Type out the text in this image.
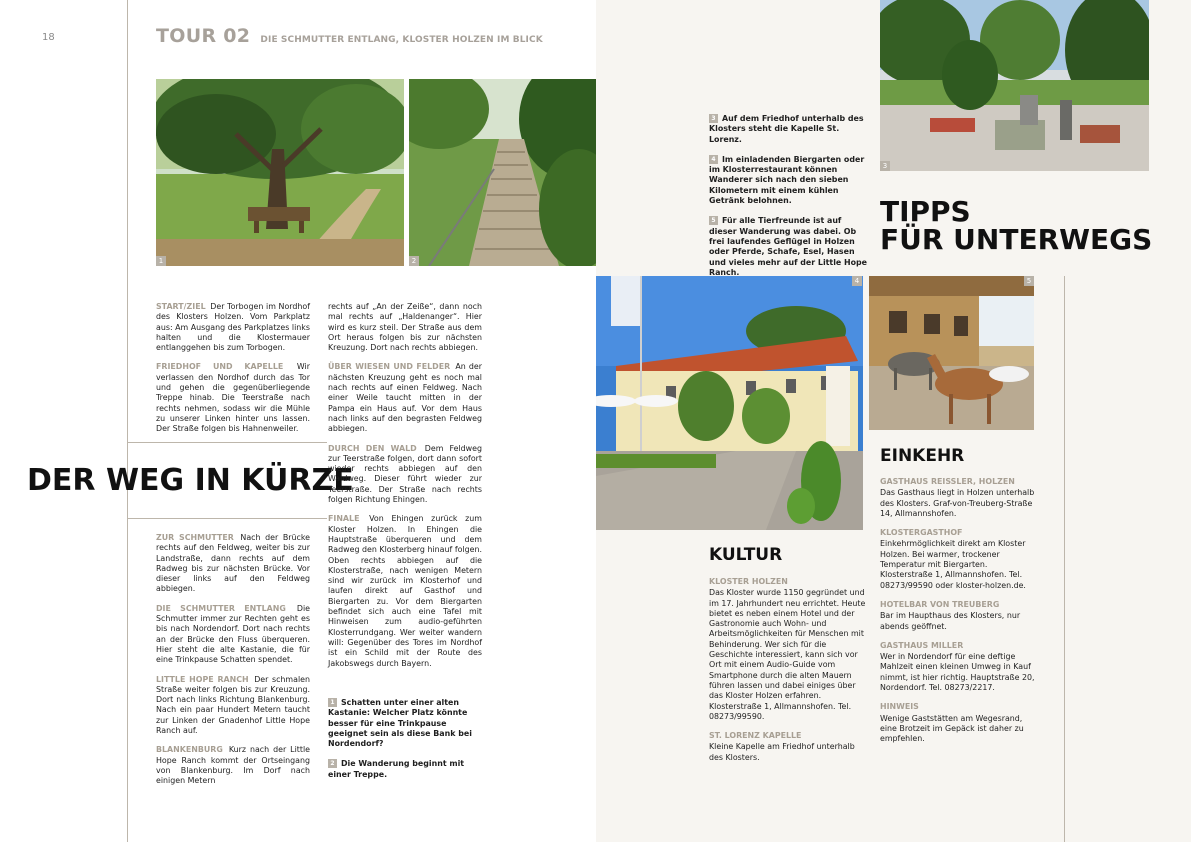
18	TOUR 02 DIE SCHMUTTER ENTLANG, KLOSTER HOLZEN IM BLICK
1	2
3
4	5

START/ZIEL Der Torbogen im Nordhof des Klosters Holzen. Vom Parkplatz aus: Am Ausgang des Parkplatzes links halten und die Klostermauer entlanggehen bis zum Torbogen.

FRIEDHOF UND KAPELLE Wir verlassen den Nordhof durch das Tor und gehen die gegenüberliegende Treppe hinab. Die Teerstraße nach rechts nehmen, sodass wir die Mühle zu unserer Linken hinter uns lassen. Der Straße folgen bis Hahnenweiler.

DER WEG IN KÜRZE

ZUR SCHMUTTER Nach der Brücke rechts auf den Feldweg, weiter bis zur Landstraße, dann rechts auf dem Radweg bis zur nächsten Brücke. Vor dieser links auf den Feldweg abbiegen.

DIE SCHMUTTER ENTLANG Die Schmutter immer zur Rechten geht es bis nach Nordendorf. Dort nach rechts an der Brücke den Fluss überqueren. Hier steht die alte Kastanie, die für eine Trinkpause Schatten spendet.

LITTLE HOPE RANCH Der schmalen Straße weiter folgen bis zur Kreuzung. Dort nach links Richtung Blankenburg. Nach ein paar Hundert Metern taucht zur Linken der Gnadenhof Little Hope Ranch auf.

BLANKENBURG Kurz nach der Little Hope Ranch kommt der Ortseingang von Blankenburg. Im Dorf nach einigen Metern

rechts auf „An der Zeiße“, dann noch mal rechts auf „Haldenanger“. Hier wird es kurz steil. Der Straße aus dem Ort heraus folgen bis zur nächsten Kreuzung. Dort nach rechts abbiegen.

ÜBER WIESEN UND FELDER An der nächsten Kreuzung geht es noch mal nach rechts auf einen Feldweg. Nach einer Weile taucht mitten in der Pampa ein Haus auf. Vor dem Haus nach links auf den begrasten Feldweg abbiegen.

DURCH DEN WALD Dem Feldweg zur Teerstraße folgen, dort dann sofort wieder rechts abbiegen auf den Waldweg. Dieser führt wieder zur Teerstraße. Der Straße nach rechts folgen Richtung Ehingen.

FINALE Von Ehingen zurück zum Kloster Holzen. In Ehingen die Hauptstraße überqueren und dem Radweg den Klosterberg hinauf folgen. Oben rechts abbiegen auf die Klosterstraße, nach wenigen Metern sind wir zurück im Klosterhof und laufen direkt auf Gasthof und Biergarten zu. Vor dem Biergarten befindet sich auch eine Tafel mit Hinweisen zum audio-geführten Klosterrundgang. Wer weiter wandern will: Gegenüber des Tores im Nordhof ist ein Schild mit der Route des Jakobswegs durch Bayern.

1 Schatten unter einer alten Kastanie: Welcher Platz könnte besser für eine Trinkpause geeignet sein als diese Bank bei Nordendorf?

2 Die Wanderung beginnt mit einer Treppe.

3 Auf dem Friedhof unterhalb des Klosters steht die Kapelle St. Lorenz.

4 Im einladenden Biergarten oder im Klosterrestaurant können Wanderer sich nach den sieben Kilometern mit einem kühlen Getränk belohnen.

5 Für alle Tierfreunde ist auf dieser Wanderung was dabei. Ob frei laufendes Geflügel in Holzen oder Pferde, Schafe, Esel, Hasen und vieles mehr auf der Little Hope Ranch.

TIPPS
FÜR UNTERWEGS
KULTUR
KLOSTER HOLZEN
Das Kloster wurde 1150 gegründet und im 17. Jahrhundert neu errichtet. Heute bietet es neben einem Hotel und der Gastronomie auch Wohn- und Arbeitsmöglichkeiten für Menschen mit Behinderung. Wer sich für die Geschichte interessiert, kann sich vor Ort mit einem Audio-Guide vom Smartphone durch die alten Mauern führen lassen und dabei einiges über das Kloster Holzen erfahren. Klosterstraße 1, Allmannshofen. Tel. 08273/99590.
ST. LORENZ KAPELLE
Kleine Kapelle am Friedhof unterhalb des Klosters.
EINKEHR
GASTHAUS REISSLER, HOLZEN
Das Gasthaus liegt in Holzen unterhalb des Klosters. Graf-von-Treuberg-Straße 14, Allmannshofen.
KLOSTERGASTHOF
Einkehrmöglichkeit direkt am Kloster Holzen. Bei warmer, trockener Temperatur mit Biergarten. Klosterstraße 1, Allmannshofen. Tel. 08273/99590 oder kloster-holzen.de.
HOTELBAR VON TREUBERG
Bar im Haupthaus des Klosters, nur abends geöffnet.
GASTHAUS MILLER
Wer in Nordendorf für eine deftige Mahlzeit einen kleinen Umweg in Kauf nimmt, ist hier richtig. Hauptstraße 20, Nordendorf. Tel. 08273/2217.
HINWEIS
Wenige Gaststätten am Wegesrand, eine Brotzeit im Gepäck ist daher zu empfehlen.
